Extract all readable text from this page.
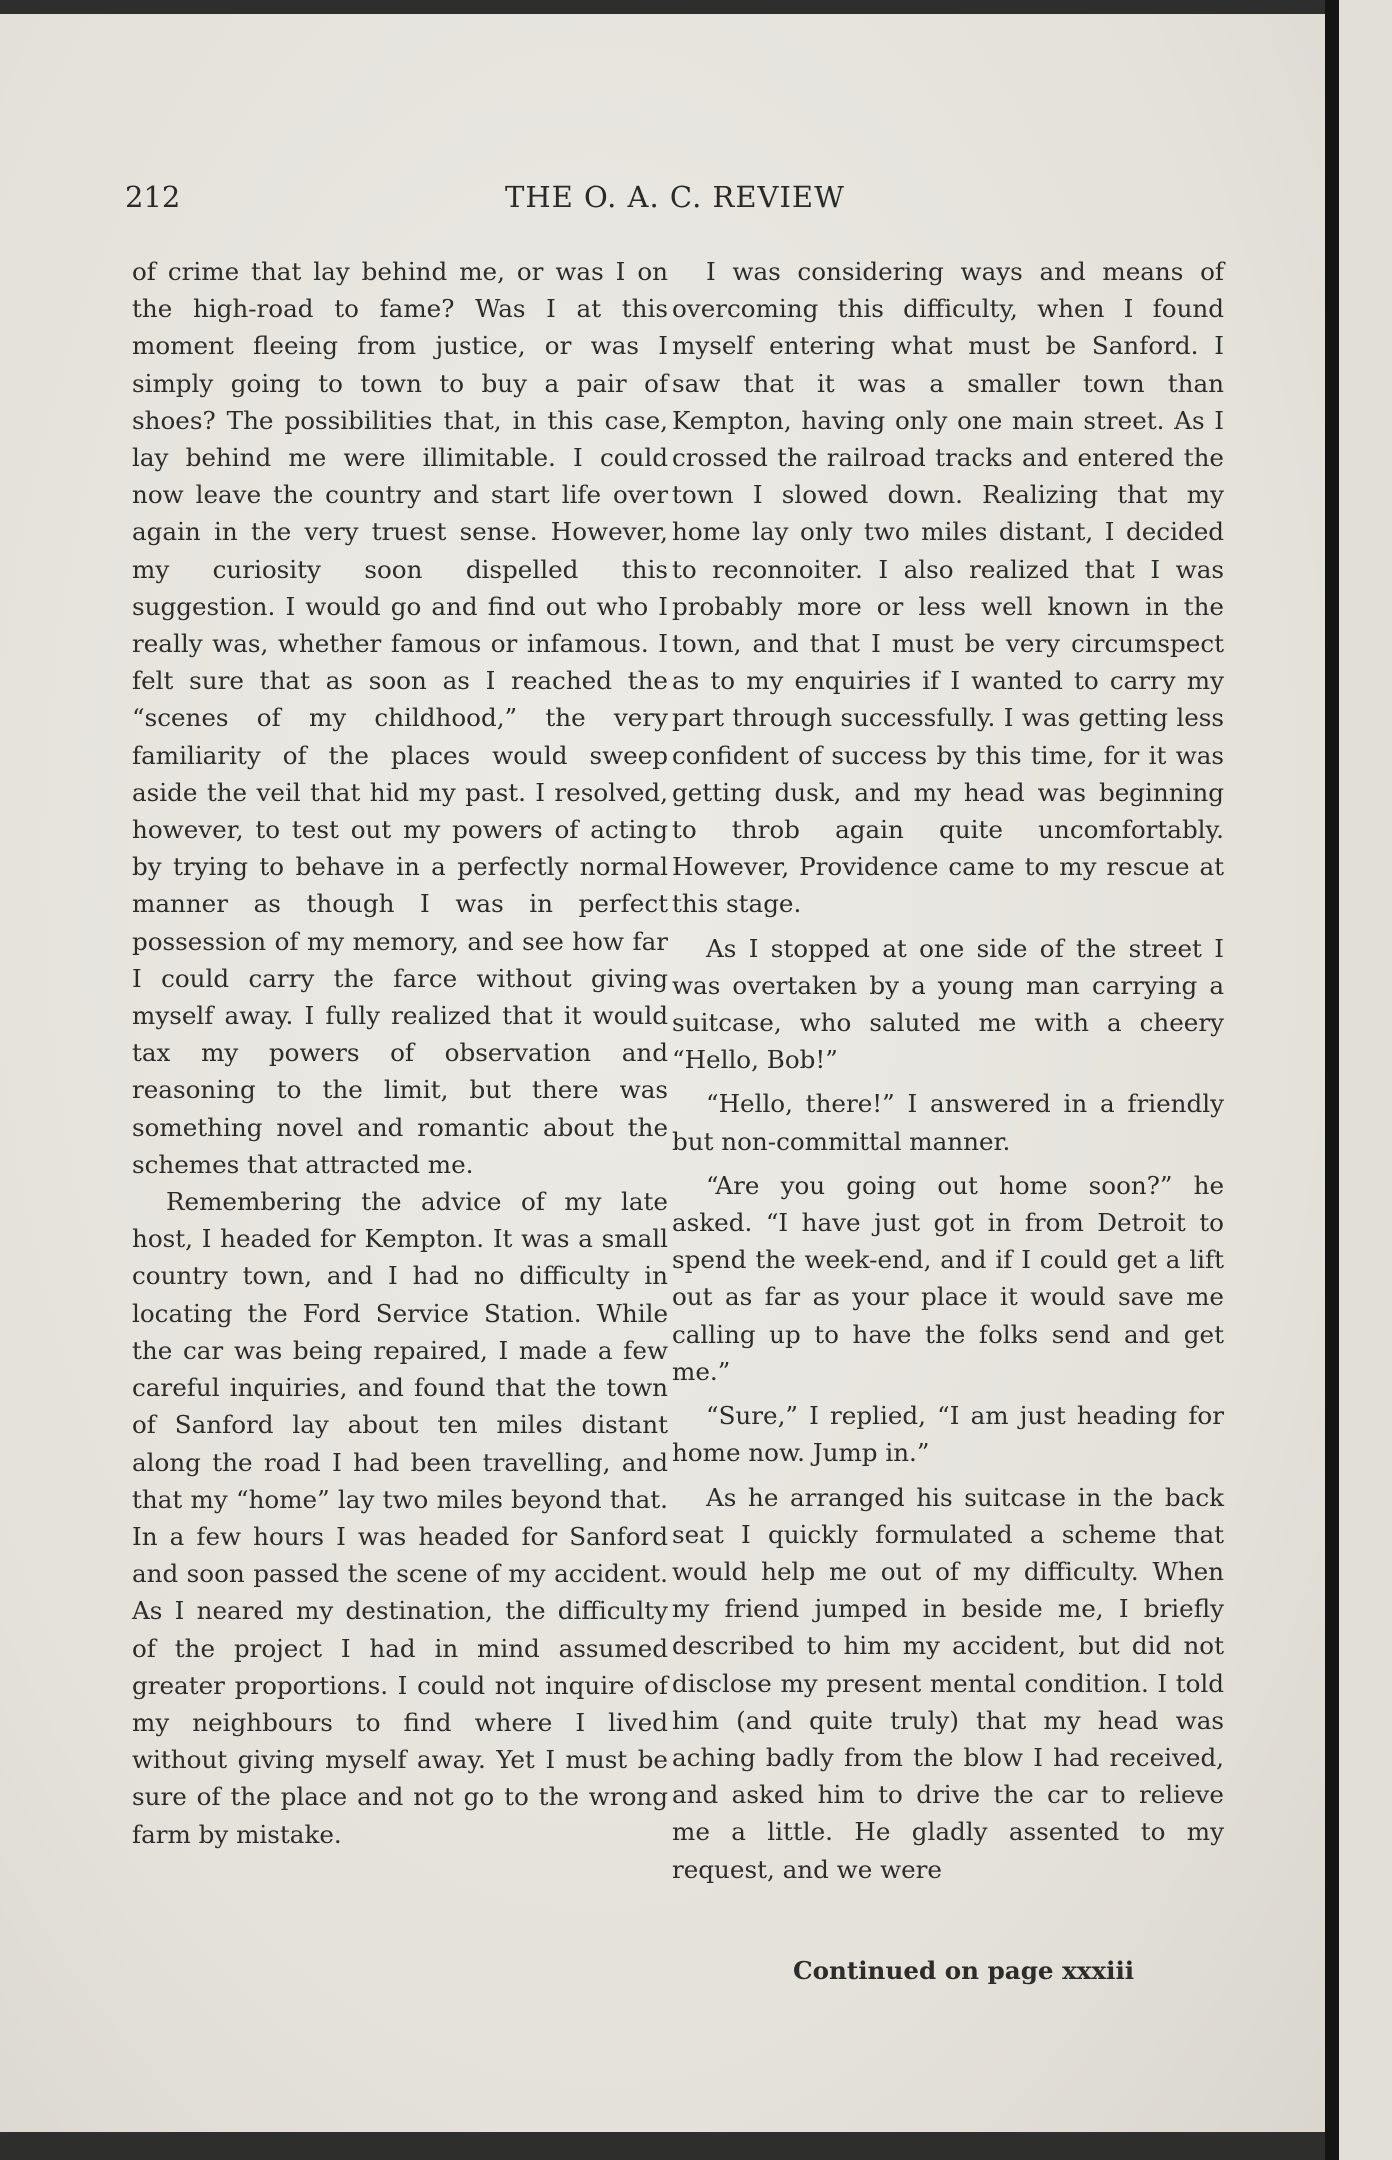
212	THE O. A. C. REVIEW

of crime that lay behind me, or was I on the high-road to fame? Was I at this moment fleeing from justice, or was I simply going to town to buy a pair of shoes? The possibilities that, in this case, lay behind me were illimitable. I could now leave the country and start life over again in the very truest sense. However, my curiosity soon dispelled this suggestion. I would go and find out who I really was, whether famous or infamous. I felt sure that as soon as I reached the “scenes of my childhood,” the very familiarity of the places would sweep aside the veil that hid my past. I resolved, however, to test out my powers of acting by trying to behave in a perfectly normal manner as though I was in perfect possession of my memory, and see how far I could carry the farce without giving myself away. I fully realized that it would tax my powers of observation and reasoning to the limit, but there was something novel and romantic about the schemes that attracted me.

Remembering the advice of my late host, I headed for Kempton. It was a small country town, and I had no difficulty in locating the Ford Service Station. While the car was being repaired, I made a few careful inquiries, and found that the town of Sanford lay about ten miles distant along the road I had been travelling, and that my “home” lay two miles beyond that. In a few hours I was headed for Sanford and soon passed the scene of my accident. As I neared my destination, the difficulty of the project I had in mind assumed greater proportions. I could not inquire of my neighbours to find where I lived without giving myself away. Yet I must be sure of the place and not go to the wrong farm by mistake.

I was considering ways and means of overcoming this difficulty, when I found myself entering what must be Sanford. I saw that it was a smaller town than Kempton, having only one main street. As I crossed the railroad tracks and entered the town I slowed down. Realizing that my home lay only two miles distant, I decided to reconnoiter. I also realized that I was probably more or less well known in the town, and that I must be very circumspect as to my enquiries if I wanted to carry my part through successfully. I was getting less confident of success by this time, for it was getting dusk, and my head was beginning to throb again quite uncomfortably. However, Providence came to my rescue at this stage.

As I stopped at one side of the street I was overtaken by a young man carrying a suitcase, who saluted me with a cheery “Hello, Bob!”

“Hello, there!” I answered in a friendly but non-committal manner.

“Are you going out home soon?” he asked. “I have just got in from Detroit to spend the week-end, and if I could get a lift out as far as your place it would save me calling up to have the folks send and get me.”

“Sure,” I replied, “I am just heading for home now. Jump in.”

As he arranged his suitcase in the back seat I quickly formulated a scheme that would help me out of my difficulty. When my friend jumped in beside me, I briefly described to him my accident, but did not disclose my present mental condition. I told him (and quite truly) that my head was aching badly from the blow I had received, and asked him to drive the car to relieve me a little. He gladly assented to my request, and we were

Continued on page xxxiii
